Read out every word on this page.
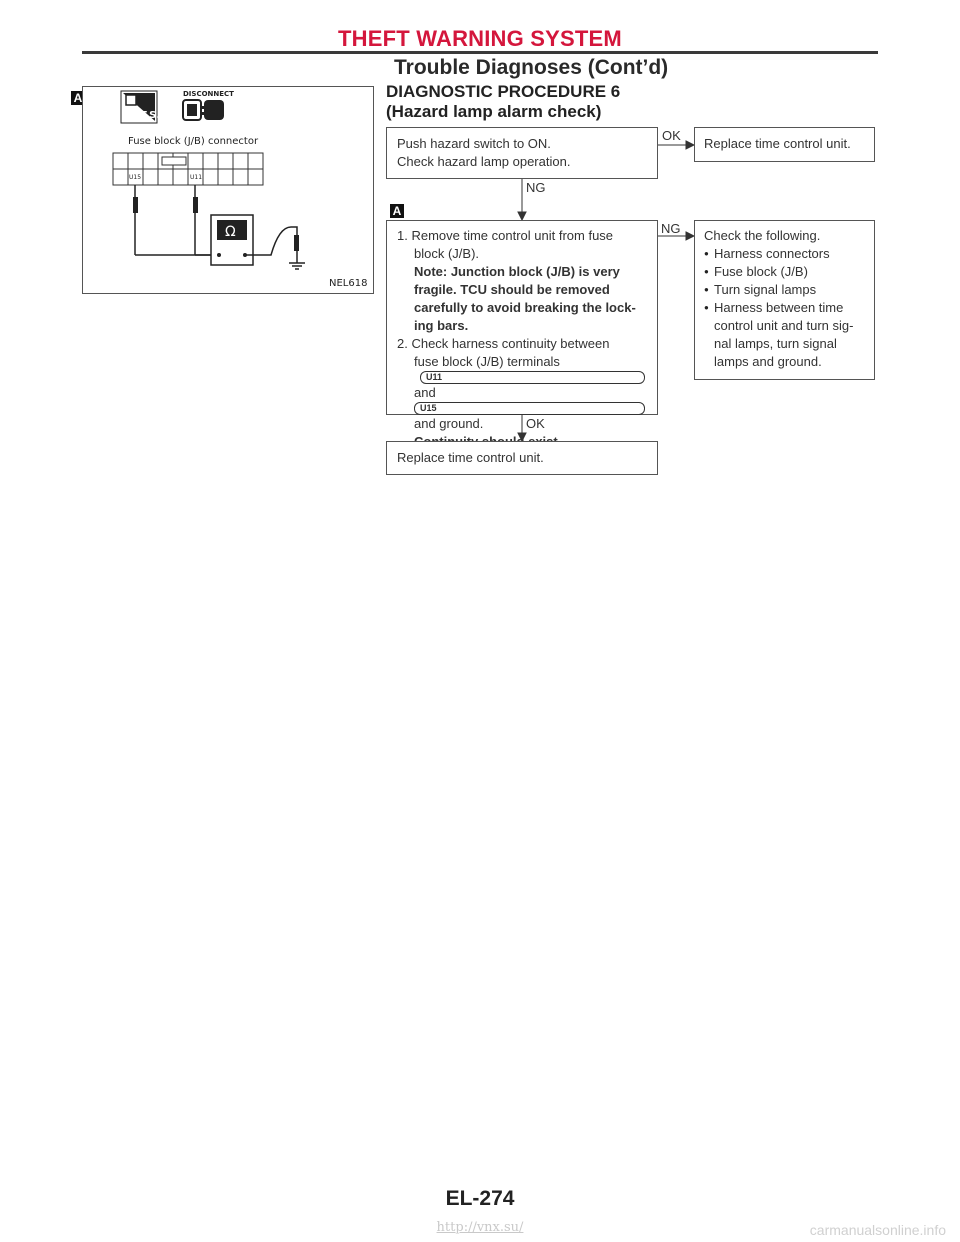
THEFT WARNING SYSTEM
Trouble Diagnoses (Cont’d)
A
T.S.
DISCONNECT
Fuse block (J/B) connector
U15	U11
Ω
NEL618
DIAGNOSTIC PROCEDURE 6
(Hazard lamp alarm check)
OK
NG
NG
OK
A
Push hazard switch to ON.
Check hazard lamp operation.
Replace time control unit.
1. Remove time control unit from fuse
block (J/B).
Note: Junction block (J/B) is very
fragile. TCU should be removed
carefully to avoid breaking the lock-
ing bars.
2. Check harness continuity between
fuse block (J/B) terminals
U11
and
U15
and ground.
Check the following.
● Harness connectors
● Fuse block (J/B)
● Turn signal lamps
● Harness between time
control unit and turn sig-
nal lamps, turn signal
lamps and ground.
Replace time control unit.
EL-274
http://vnx.su/	carmanualsonline.info
